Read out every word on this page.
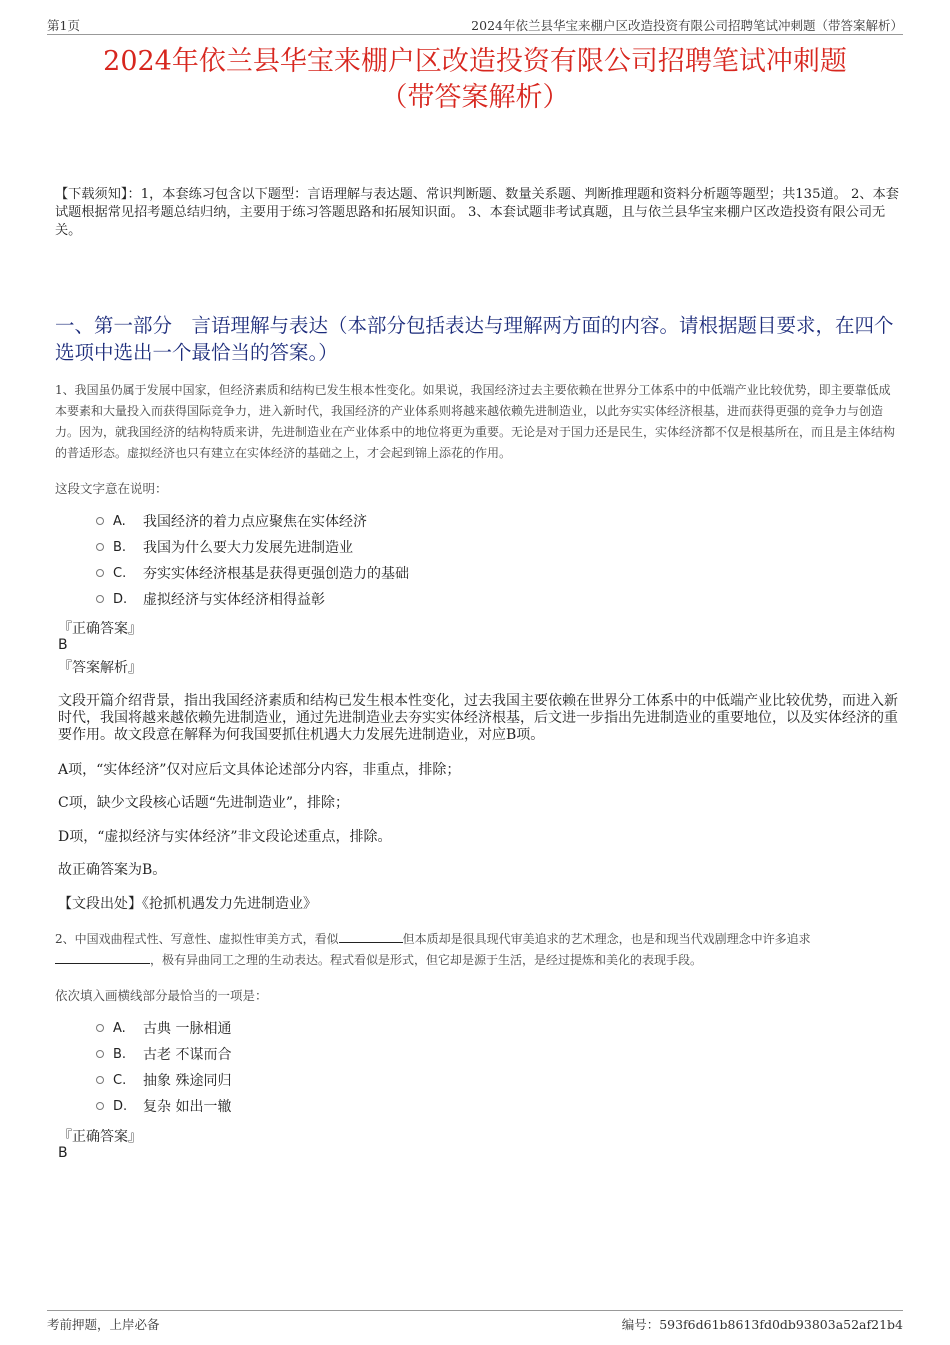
第1页	2024年依兰县华宝来棚户区改造投资有限公司招聘笔试冲刺题（带答案解析）
2024年依兰县华宝来棚户区改造投资有限公司招聘笔试冲刺题
（带答案解析）

【下载须知】：1，本套练习包含以下题型：言语理解与表达题、常识判断题、数量关系题、判断推理题和资料分析题等题型；共135道。 2、本套试题根据常见招考题总结归纳，主要用于练习答题思路和拓展知识面。 3、本套试题非考试真题，且与依兰县华宝来棚户区改造投资有限公司无关。

一、第一部分　言语理解与表达（本部分包括表达与理解两方面的内容。请根据题目要求，在四个选项中选出一个最恰当的答案。）

1、我国虽仍属于发展中国家，但经济素质和结构已发生根本性变化。如果说，我国经济过去主要依赖在世界分工体系中的中低端产业比较优势，即主要靠低成本要素和大量投入而获得国际竞争力，进入新时代，我国经济的产业体系则将越来越依赖先进制造业，以此夯实实体经济根基，进而获得更强的竞争力与创造力。因为，就我国经济的结构特质来讲，先进制造业在产业体系中的地位将更为重要。无论是对于国力还是民生，实体经济都不仅是根基所在，而且是主体结构的普适形态。虚拟经济也只有建立在实体经济的基础之上，才会起到锦上添花的作用。

这段文字意在说明：

A.	我国经济的着力点应聚焦在实体经济
B.	我国为什么要大力发展先进制造业
C.	夯实实体经济根基是获得更强创造力的基础
D.	虚拟经济与实体经济相得益彰

『正确答案』

B

『答案解析』

文段开篇介绍背景，指出我国经济素质和结构已发生根本性变化，过去我国主要依赖在世界分工体系中的中低端产业比较优势，而进入新时代，我国将越来越依赖先进制造业，通过先进制造业去夯实实体经济根基，后文进一步指出先进制造业的重要地位，以及实体经济的重要作用。故文段意在解释为何我国要抓住机遇大力发展先进制造业，对应B项。

A项，“实体经济”仅对应后文具体论述部分内容，非重点，排除；

C项，缺少文段核心话题“先进制造业”，排除；

D项，“虚拟经济与实体经济”非文段论述重点，排除。

故正确答案为B。

【文段出处】《抢抓机遇发力先进制造业》

2、中国戏曲程式性、写意性、虚拟性审美方式，看似	但本质却是很具现代审美追求的艺术理念，也是和现当代戏剧理念中许多追求
，极有异曲同工之理的生动表达。程式看似是形式，但它却是源于生活，是经过提炼和美化的表现手段。

依次填入画横线部分最恰当的一项是：

A.	古典 一脉相通
B.	古老 不谋而合
C.	抽象 殊途同归
D.	复杂 如出一辙

『正确答案』

B

考前押题，上岸必备	编号：593f6d61b8613fd0db93803a52af21b4
